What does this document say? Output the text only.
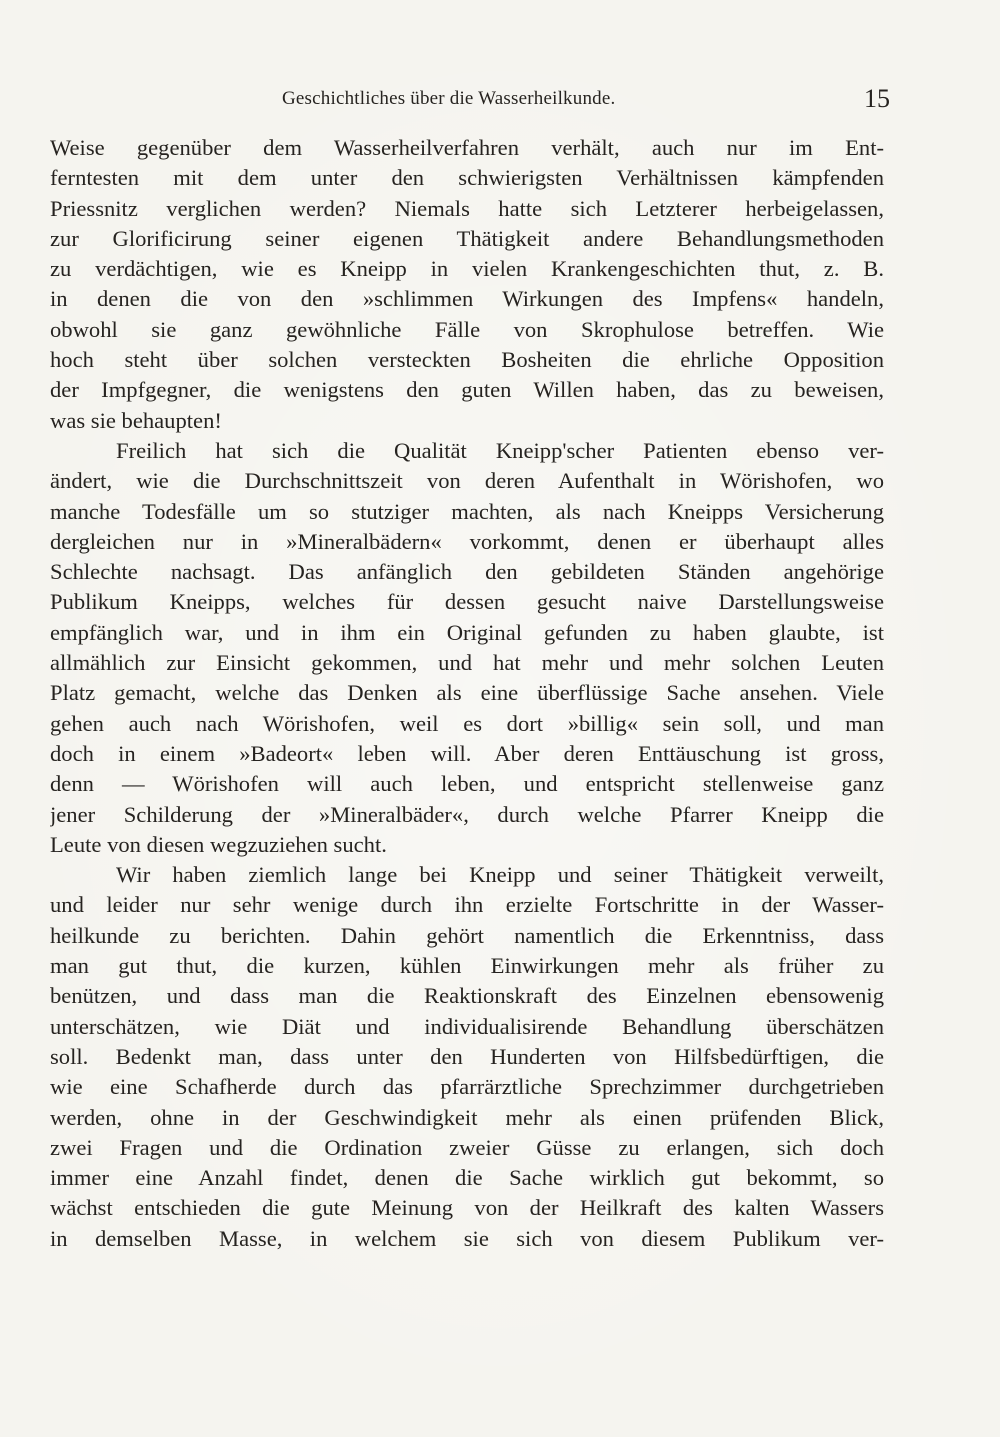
Geschichtliches über die Wasserheilkunde.	15
Weise gegenüber dem Wasserheilverfahren verhält, auch nur im Ent-
ferntesten mit dem unter den schwierigsten Verhältnissen kämpfenden
Priessnitz verglichen werden? Niemals hatte sich Letzterer herbeigelassen,
zur Glorificirung seiner eigenen Thätigkeit andere Behandlungsmethoden
zu verdächtigen, wie es Kneipp in vielen Krankengeschichten thut, z. B.
in denen die von den »schlimmen Wirkungen des Impfens« handeln,
obwohl sie ganz gewöhnliche Fälle von Skrophulose betreffen. Wie
hoch steht über solchen versteckten Bosheiten die ehrliche Opposition
der Impfgegner, die wenigstens den guten Willen haben, das zu beweisen,
was sie behaupten!
Freilich hat sich die Qualität Kneipp'scher Patienten ebenso ver-
ändert, wie die Durchschnittszeit von deren Aufenthalt in Wörishofen, wo
manche Todesfälle um so stutziger machten, als nach Kneipps Versicherung
dergleichen nur in »Mineralbädern« vorkommt, denen er überhaupt alles
Schlechte nachsagt. Das anfänglich den gebildeten Ständen angehörige
Publikum Kneipps, welches für dessen gesucht naive Darstellungsweise
empfänglich war, und in ihm ein Original gefunden zu haben glaubte, ist
allmählich zur Einsicht gekommen, und hat mehr und mehr solchen Leuten
Platz gemacht, welche das Denken als eine überflüssige Sache ansehen. Viele
gehen auch nach Wörishofen, weil es dort »billig« sein soll, und man
doch in einem »Badeort« leben will. Aber deren Enttäuschung ist gross,
denn — Wörishofen will auch leben, und entspricht stellenweise ganz
jener Schilderung der »Mineralbäder«, durch welche Pfarrer Kneipp die
Leute von diesen wegzuziehen sucht.
Wir haben ziemlich lange bei Kneipp und seiner Thätigkeit verweilt,
und leider nur sehr wenige durch ihn erzielte Fortschritte in der Wasser-
heilkunde zu berichten. Dahin gehört namentlich die Erkenntniss, dass
man gut thut, die kurzen, kühlen Einwirkungen mehr als früher zu
benützen, und dass man die Reaktionskraft des Einzelnen ebensowenig
unterschätzen, wie Diät und individualisirende Behandlung überschätzen
soll. Bedenkt man, dass unter den Hunderten von Hilfsbedürftigen, die
wie eine Schafherde durch das pfarrärztliche Sprechzimmer durchgetrieben
werden, ohne in der Geschwindigkeit mehr als einen prüfenden Blick,
zwei Fragen und die Ordination zweier Güsse zu erlangen, sich doch
immer eine Anzahl findet, denen die Sache wirklich gut bekommt, so
wächst entschieden die gute Meinung von der Heilkraft des kalten Wassers
in demselben Masse, in welchem sie sich von diesem Publikum ver-
